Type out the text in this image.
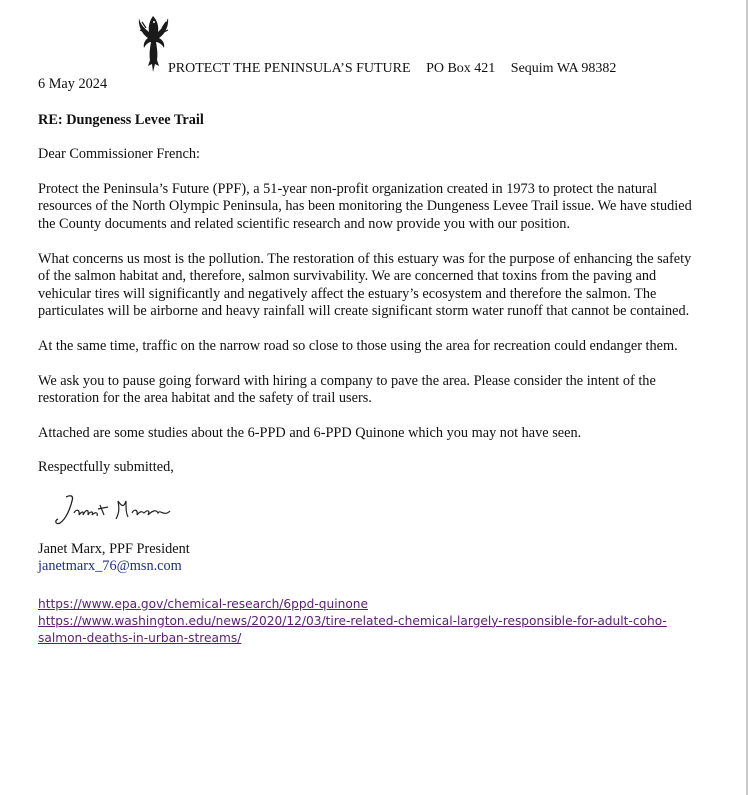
PROTECT THE PENINSULA’S FUTURE PO Box 421 Sequim WA 98382

6 May 2024

RE: Dungeness Levee Trail

Dear Commissioner French:

Protect the Peninsula’s Future (PPF), a 51-year non-profit organization created in 1973 to protect the natural resources of the North Olympic Peninsula, has been monitoring the Dungeness Levee Trail issue. We have studied the County documents and related scientific research and now provide you with our position.

What concerns us most is the pollution. The restoration of this estuary was for the purpose of enhancing the safety of the salmon habitat and, therefore, salmon survivability. We are concerned that toxins from the paving and vehicular tires will significantly and negatively affect the estuary’s ecosystem and therefore the salmon. The particulates will be airborne and heavy rainfall will create significant storm water runoff that cannot be contained.

At the same time, traffic on the narrow road so close to those using the area for recreation could endanger them.

We ask you to pause going forward with hiring a company to pave the area. Please consider the intent of the restoration for the area habitat and the safety of trail users.

Attached are some studies about the 6-PPD and 6-PPD Quinone which you may not have seen.

Respectfully submitted,

Janet Marx, PPF President

janetmarx_76@msn.com

https://www.epa.gov/chemical-research/6ppd-quinone
https://www.washington.edu/news/2020/12/03/tire-related-chemical-largely-responsible-for-adult-coho-salmon-deaths-in-urban-streams/
